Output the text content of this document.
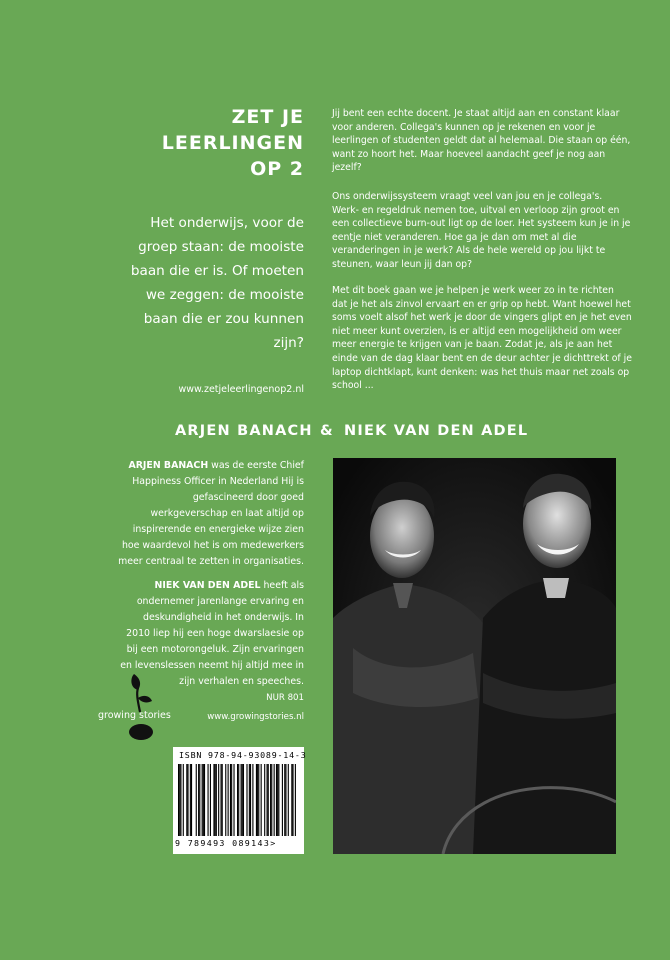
ZET JE
LEERLINGEN
OP 2
Het onderwijs, voor de groep staan: de mooiste baan die er is. Of moeten we zeggen: de mooiste baan die er zou kunnen zijn?
www.zetjeleerlingenop2.nl
Jij bent een echte docent. Je staat altijd aan en constant klaar voor anderen. Collega's kunnen op je rekenen en voor je leerlingen of studenten geldt dat al helemaal. Die staan op één, want zo hoort het. Maar hoeveel aandacht geef je nog aan jezelf?
Ons onderwijssysteem vraagt veel van jou en je collega's. Werk- en regeldruk nemen toe, uitval en verloop zijn groot en een collectieve burn-out ligt op de loer. Het systeem kun je in je eentje niet veranderen. Hoe ga je dan om met al die veranderingen in je werk? Als de hele wereld op jou lijkt te steunen, waar leun jij dan op?
Met dit boek gaan we je helpen je werk weer zo in te richten dat je het als zinvol ervaart en er grip op hebt. Want hoewel het soms voelt alsof het werk je door de vingers glipt en je het even niet meer kunt overzien, is er altijd een mogelijkheid om weer meer energie te krijgen van je baan. Zodat je, als je aan het einde van de dag klaar bent en de deur achter je dichttrekt of je laptop dichtklapt, kunt denken: was het thuis maar net zoals op school ...
ARJEN BANACH & NIEK VAN DEN ADEL
ARJEN BANACH was de eerste Chief Happiness Officer in Nederland Hij is gefascineerd door goed werkgeverschap en laat altijd op inspirerende en energieke wijze zien hoe waardevol het is om medewerkers meer centraal te zetten in organisaties.
NIEK VAN DEN ADEL heeft als ondernemer jarenlange ervaring en deskundigheid in het onderwijs. In 2010 liep hij een hoge dwarslaesie op bij een motorongeluk. Zijn ervaringen en levenslessen neemt hij altijd mee in zijn verhalen en speeches.
NUR 801
www.growingstories.nl
growing stories
ISBN 978-94-93089-14-3
9 789493 089143>
